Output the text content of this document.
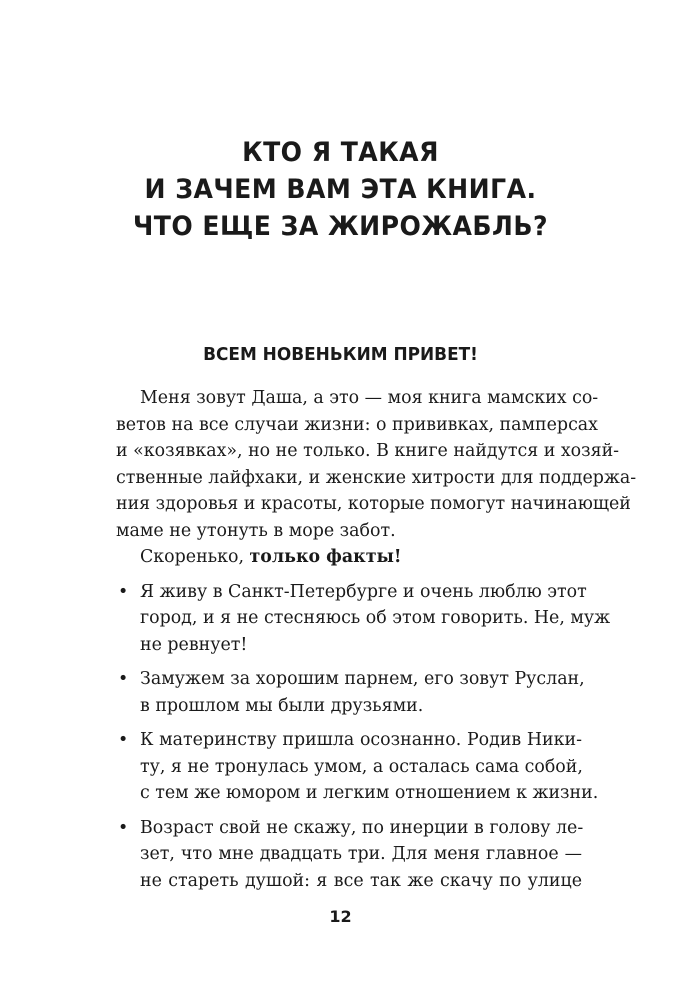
КТО Я ТАКАЯ
И ЗАЧЕМ ВАМ ЭТА КНИГА.
ЧТО ЕЩЕ ЗА ЖИРОЖАБЛЬ?
ВСЕМ НОВЕНЬКИМ ПРИВЕТ!
Меня зовут Даша, а это — моя книга мамских со-
ветов на все случаи жизни: о прививках, памперсах
и «козявках», но не только. В книге найдутся и хозяй-
ственные лайфхаки, и женские хитрости для поддержа-
ния здоровья и красоты, которые помогут начинающей
маме не утонуть в море забот.
Скоренько, только факты!
• Я живу в Санкт-Петербурге и очень люблю этот
город, и я не стесняюсь об этом говорить. Не, муж
не ревнует!
• Замужем за хорошим парнем, его зовут Руслан,
в прошлом мы были друзьями.
• К материнству пришла осознанно. Родив Ники-
ту, я не тронулась умом, а осталась сама собой,
с тем же юмором и легким отношением к жизни.
• Возраст свой не скажу, по инерции в голову ле-
зет, что мне двадцать три. Для меня главное —
не стареть душой: я все так же скачу по улице
12
